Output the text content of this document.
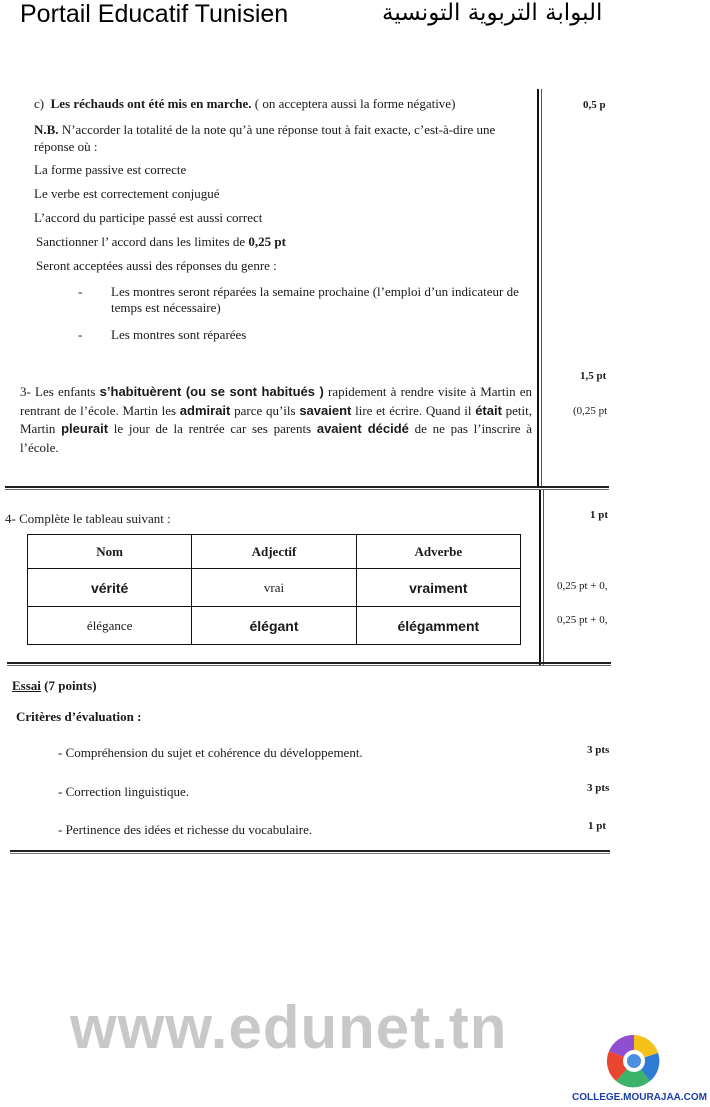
Portail Educatif Tunisien	البوابة التربوية التونسية
c) Les réchauds ont été mis en marche. ( on acceptera aussi la forme négative)	0,5 p
N.B. N’accorder la totalité de la note qu’à une réponse tout à fait exacte, c’est-à-dire une réponse où :
La forme passive est correcte
Le verbe est correctement conjugué
L’accord du participe passé est aussi correct
Sanctionner l’ accord dans les limites de 0,25 pt
Seront acceptées aussi des réponses du genre :
- Les montres seront réparées la semaine prochaine (l’emploi d’un indicateur de temps est nécessaire)
- Les montres sont réparées
1,5 pt
(0,25 pt
3- Les enfants s’habituèrent (ou se sont habitués ) rapidement à rendre visite à Martin en rentrant de l’école. Martin les admirait parce qu’ils savaient lire et écrire. Quand il était petit, Martin pleurait le jour de la rentrée car ses parents avaient décidé de ne pas l’inscrire à l’école.
4- Complète le tableau suivant :	1 pt
Nom	Adjectif	Adverbe
vérité	vrai	vraiment
élégance	élégant	élégamment
0,25 pt + 0,
0,25 pt + 0,
Essai (7 points)
Critères d’évaluation :
- Compréhension du sujet et cohérence du développement.	3 pts
- Correction linguistique.	3 pts
- Pertinence des idées et richesse du vocabulaire.	1 pt
www.edunet.tn
COLLEGE.MOURAJAA.COM
